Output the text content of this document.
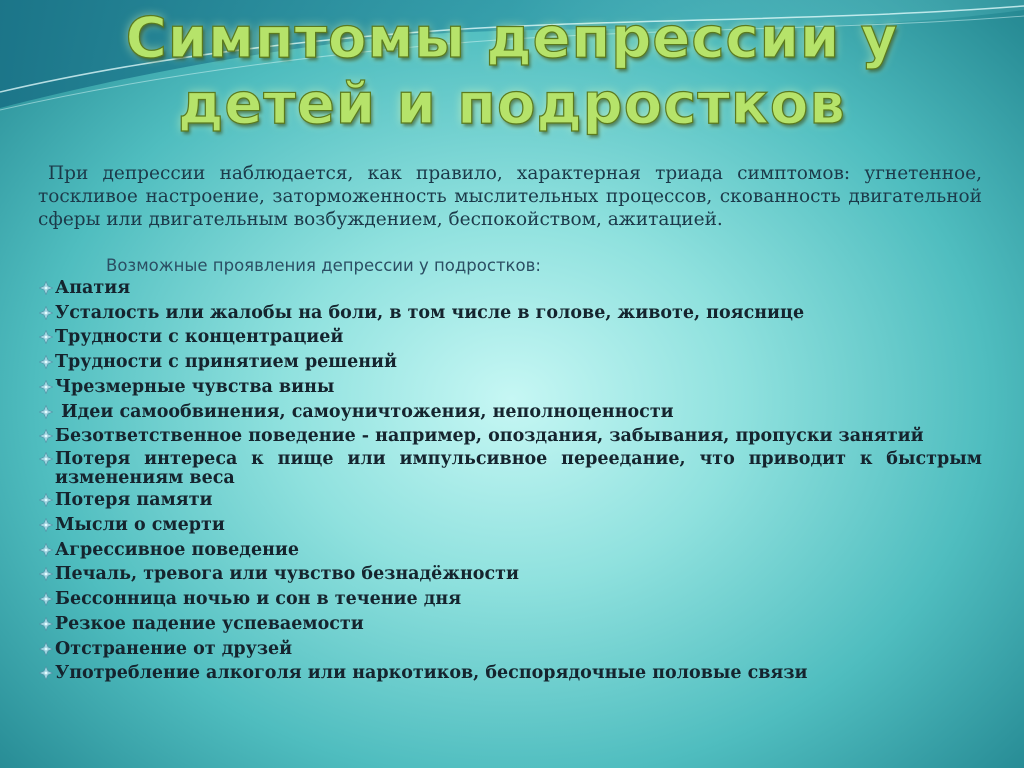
Симптомы депрессии у
детей и подростков

При депрессии наблюдается, как правило, характерная триада симптомов: угнетенное, тоскливое настроение, заторможенность мыслительных процессов, скованность двигательной сферы или двигательным возбуждением, беспокойством, ажитацией.

Возможные проявления депрессии у подростков:

Апатия
Усталость или жалобы на боли, в том числе в голове, животе, пояснице
Трудности с концентрацией
Трудности с принятием решений
Чрезмерные чувства вины
Идеи самообвинения, самоуничтожения, неполноценности
Безответственное поведение - например, опоздания, забывания, пропуски занятий
Потеря интереса к пище или импульсивное переедание, что приводит к быстрым изменениям веса
Потеря памяти
Мысли о смерти
Агрессивное поведение
Печаль, тревога или чувство безнадёжности
Бессонница ночью и сон в течение дня
Резкое падение успеваемости
Отстранение от друзей
Употребление алкоголя или наркотиков, беспорядочные половые связи
